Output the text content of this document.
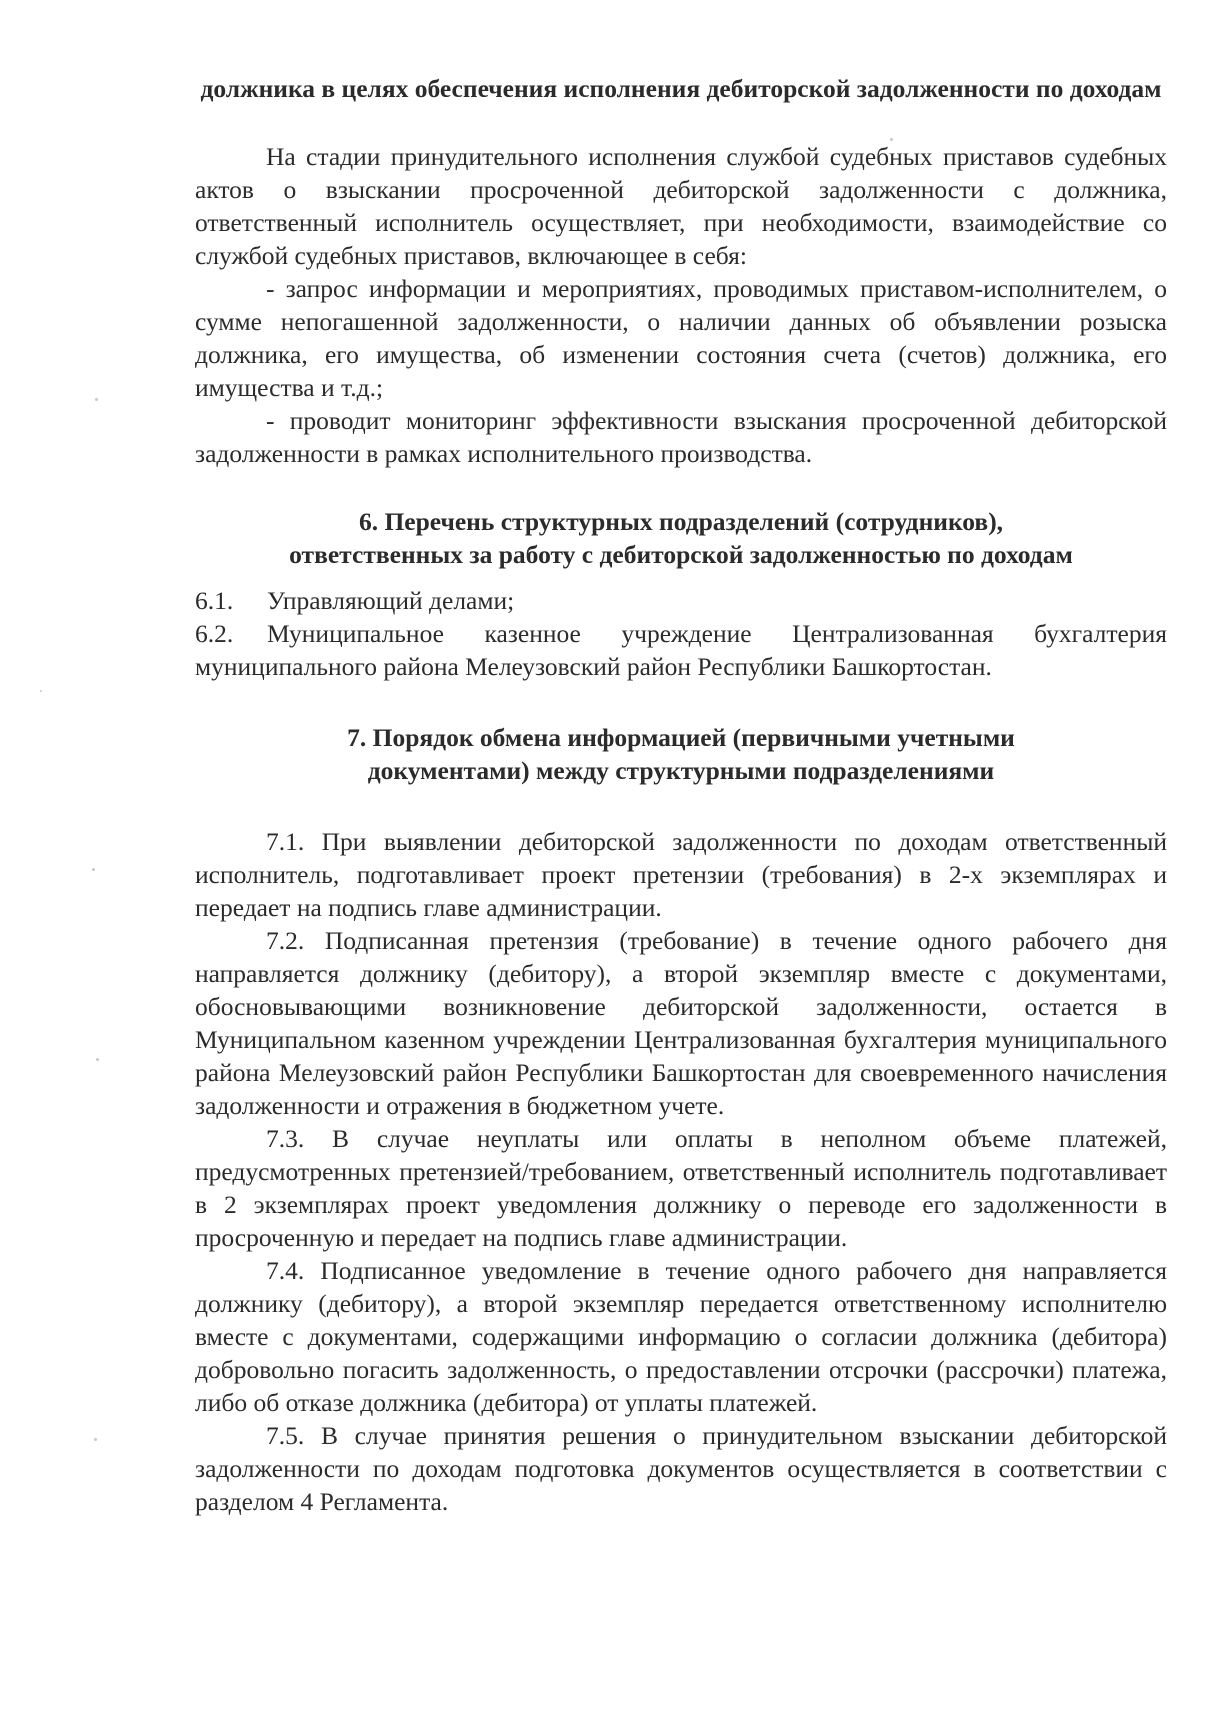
должника в целях обеспечения исполнения дебиторской задолженности по доходам

На стадии принудительного исполнения службой судебных приставов судебных актов о взыскании просроченной дебиторской задолженности с должника, ответственный исполнитель осуществляет, при необходимости, взаимодействие со службой судебных приставов, включающее в себя:

- запрос информации и мероприятиях, проводимых приставом-исполнителем, о сумме непогашенной задолженности, о наличии данных об объявлении розыска должника, его имущества, об изменении состояния счета (счетов) должника, его имущества и т.д.;

- проводит мониторинг эффективности взыскания просроченной дебиторской задолженности в рамках исполнительного производства.

6. Перечень структурных подразделений (сотрудников),
ответственных за работу с дебиторской задолженностью по доходам

6.1. Управляющий делами;

6.2. Муниципальное казенное учреждение Централизованная бухгалтерия муниципального района Мелеузовский район Республики Башкортостан.

7. Порядок обмена информацией (первичными учетными
документами) между структурными подразделениями

7.1. При выявлении дебиторской задолженности по доходам ответственный исполнитель, подготавливает проект претензии (требования) в 2-х экземплярах и передает на подпись главе администрации.

7.2. Подписанная претензия (требование) в течение одного рабочего дня направляется должнику (дебитору), а второй экземпляр вместе с документами, обосновывающими возникновение дебиторской задолженности, остается в Муниципальном казенном учреждении Централизованная бухгалтерия муниципального района Мелеузовский район Республики Башкортостан для своевременного начисления задолженности и отражения в бюджетном учете.

7.3. В случае неуплаты или оплаты в неполном объеме платежей, предусмотренных претензией/требованием, ответственный исполнитель подготавливает в 2 экземплярах проект уведомления должнику о переводе его задолженности в просроченную и передает на подпись главе администрации.

7.4. Подписанное уведомление в течение одного рабочего дня направляется должнику (дебитору), а второй экземпляр передается ответственному исполнителю вместе с документами, содержащими информацию о согласии должника (дебитора) добровольно погасить задолженность, о предоставлении отсрочки (рассрочки) платежа, либо об отказе должника (дебитора) от уплаты платежей.

7.5. В случае принятия решения о принудительном взыскании дебиторской задолженности по доходам подготовка документов осуществляется в соответствии с разделом 4 Регламента.
